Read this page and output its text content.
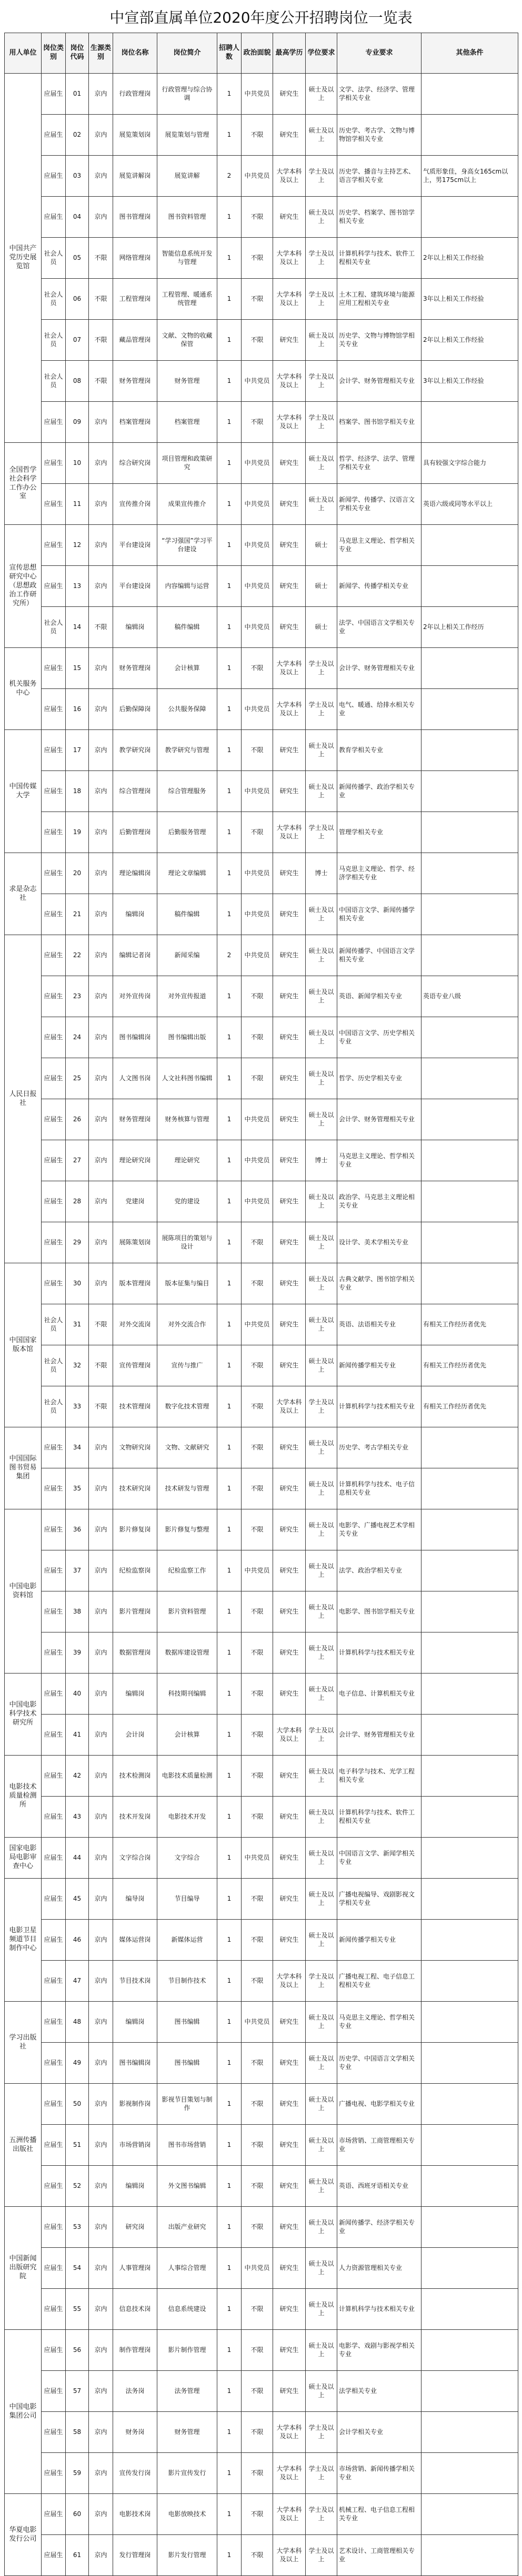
中宣部直属单位2020年度公开招聘岗位一览表
用人单位	岗位类别	岗位代码	生源类别	岗位名称	岗位简介	招聘人数	政治面貌	最高学历	学位要求	专业要求	其他条件
中国共产党历史展览馆	应届生	01	京内	行政管理岗	行政管理与综合协调	1	中共党员	研究生	硕士及以上	文学、法学、经济学、管理学相关专业	
	应届生	02	京内	展览策划岗	展览策划与管理	1	不限	研究生	硕士及以上	历史学、考古学、文物与博物馆学相关专业	
	应届生	03	京内	展览讲解岗	展览讲解	2	中共党员	大学本科及以上	学士及以上	历史学、播音与主持艺术、语言学相关专业	气质形象佳，身高女165cm以上，男175cm以上
	应届生	04	京内	图书管理岗	图书资料管理	1	不限	研究生	硕士及以上	历史学、档案学、图书馆学相关专业	
	社会人员	05	不限	网络管理岗	智能信息系统开发与管理	1	不限	大学本科及以上	学士及以上	计算机科学与技术、软件工程相关专业	2年以上相关工作经验
	社会人员	06	不限	工程管理岗	工程管理、暖通系统管理	1	不限	大学本科及以上	学士及以上	土木工程、建筑环境与能源应用工程相关专业	3年以上相关工作经验
	社会人员	07	不限	藏品管理岗	文献、文物的收藏保管	1	不限	研究生	硕士及以上	历史学、文物与博物馆学相关专业	2年以上相关工作经验
	社会人员	08	不限	财务管理岗	财务管理	1	中共党员	大学本科及以上	学士及以上	会计学、财务管理相关专业	3年以上相关工作经验
	应届生	09	京内	档案管理岗	档案管理	1	不限	大学本科及以上	学士及以上	档案学、图书馆学相关专业	
全国哲学社会科学工作办公室	应届生	10	京内	综合研究岗	项目管理和政策研究	1	中共党员	研究生	硕士及以上	哲学、经济学、法学、管理学相关专业	具有较强文字综合能力
	应届生	11	京内	宣传推介岗	成果宣传推介	1	中共党员	研究生	硕士及以上	新闻学、传播学、汉语言文学相关专业	英语六级或同等水平以上
宣传思想研究中心（思想政治工作研究所）	应届生	12	京内	平台建设岗	“学习强国”学习平台建设	1	中共党员	研究生	硕士	马克思主义理论、哲学相关专业	
	应届生	13	京内	平台建设岗	内容编辑与运营	1	中共党员	研究生	硕士	新闻学、传播学相关专业	
	社会人员	14	不限	编辑岗	稿件编辑	1	中共党员	研究生	硕士	法学、中国语言文学相关专业	2年以上相关工作经历
机关服务中心	应届生	15	京内	财务管理岗	会计核算	1	不限	大学本科及以上	学士及以上	会计学、财务管理相关专业	
	应届生	16	京内	后勤保障岗	公共服务保障	1	中共党员	大学本科及以上	学士及以上	电气、暖通、给排水相关专业	
中国传媒大学	应届生	17	京内	教学研究岗	教学研究与管理	1	不限	研究生	硕士及以上	教育学相关专业	
	应届生	18	京内	综合管理岗	综合管理服务	1	中共党员	研究生	硕士及以上	新闻传播学、政治学相关专业	
	应届生	19	京内	后勤管理岗	后勤服务管理	1	不限	大学本科及以上	学士及以上	管理学相关专业	
求是杂志社	应届生	20	京内	理论编辑岗	理论文章编辑	1	中共党员	研究生	博士	马克思主义理论、哲学、经济学相关专业	
	应届生	21	京内	编辑岗	稿件编辑	1	中共党员	研究生	硕士及以上	中国语言文学、新闻传播学相关专业	
人民日报社	应届生	22	京内	编辑记者岗	新闻采编	2	中共党员	研究生	硕士及以上	新闻传播学、中国语言文学相关专业	
	应届生	23	京内	对外宣传岗	对外宣传报道	1	不限	研究生	硕士及以上	英语、新闻学相关专业	英语专业八级
	应届生	24	京内	图书编辑岗	图书编辑出版	1	不限	研究生	硕士及以上	中国语言文学、历史学相关专业	
	应届生	25	京内	人文图书岗	人文社科图书编辑	1	不限	研究生	硕士及以上	哲学、历史学相关专业	
	应届生	26	京内	财务管理岗	财务核算与管理	1	中共党员	研究生	硕士及以上	会计学、财务管理相关专业	
	应届生	27	京内	理论研究岗	理论研究	1	中共党员	研究生	博士	马克思主义理论、哲学相关专业	
	应届生	28	京内	党建岗	党的建设	1	中共党员	研究生	硕士及以上	政治学、马克思主义理论相关专业	
	应届生	29	京内	展陈策划岗	展陈项目的策划与设计	1	不限	研究生	硕士及以上	设计学、美术学相关专业	
中国国家版本馆	应届生	30	京内	版本管理岗	版本征集与编目	1	不限	研究生	硕士及以上	古典文献学、图书馆学相关专业	
	社会人员	31	不限	对外交流岗	对外交流合作	1	中共党员	研究生	硕士及以上	英语、法语相关专业	有相关工作经历者优先
	社会人员	32	不限	宣传管理岗	宣传与推广	1	不限	研究生	硕士及以上	新闻传播学相关专业	有相关工作经历者优先
	社会人员	33	不限	技术管理岗	数字化技术管理	1	不限	大学本科及以上	学士及以上	计算机科学与技术相关专业	有相关工作经历者优先
中国国际图书贸易集团	应届生	34	京内	文物研究岗	文物、文献研究	1	不限	研究生	硕士及以上	历史学、考古学相关专业	
	应届生	35	京内	技术研究岗	技术研发与管理	1	不限	研究生	硕士及以上	计算机科学与技术、电子信息相关专业	
中国电影资料馆	应届生	36	京内	影片修复岗	影片修复与整理	1	不限	研究生	硕士及以上	电影学、广播电视艺术学相关专业	
	应届生	37	京内	纪检监察岗	纪检监察工作	1	中共党员	研究生	硕士及以上	法学、政治学相关专业	
	应届生	38	京内	影片管理岗	影片资料管理	1	不限	研究生	硕士及以上	电影学、图书馆学相关专业	
	应届生	39	京内	数据管理岗	数据库建设管理	1	不限	研究生	硕士及以上	计算机科学与技术相关专业	
中国电影科学技术研究所	应届生	40	京内	编辑岗	科技期刊编辑	1	不限	研究生	硕士及以上	电子信息、计算机相关专业	
	应届生	41	京内	会计岗	会计核算	1	不限	大学本科及以上	学士及以上	会计学、财务管理相关专业	
电影技术质量检测所	应届生	42	京内	技术检测岗	电影技术质量检测	1	不限	研究生	硕士及以上	电子科学与技术、光学工程相关专业	
	应届生	43	京内	技术开发岗	电影技术开发	1	不限	研究生	硕士及以上	计算机科学与技术、软件工程相关专业	
国家电影局电影审查中心	应届生	44	京内	文字综合岗	文字综合	1	中共党员	研究生	硕士及以上	中国语言文学、新闻学相关专业	
电影卫星频道节目制作中心	应届生	45	京内	编导岗	节目编导	1	不限	研究生	硕士及以上	广播电视编导、戏剧影视文学相关专业	
	应届生	46	京内	媒体运营岗	新媒体运营	1	不限	研究生	硕士及以上	新闻传播学相关专业	
	应届生	47	京内	节目技术岗	节目制作技术	1	不限	大学本科及以上	学士及以上	广播电视工程、电子信息工程相关专业	
学习出版社	应届生	48	京内	编辑岗	图书编辑	1	中共党员	研究生	硕士及以上	马克思主义理论、哲学相关专业	
	应届生	49	京内	图书编辑岗	图书编辑	1	不限	研究生	硕士及以上	历史学、中国语言文学相关专业	
五洲传播出版社	应届生	50	京内	影视制作岗	影视节目策划与制作	1	不限	研究生	硕士及以上	广播电视、电影学相关专业	
	应届生	51	京内	市场营销岗	图书市场营销	1	不限	研究生	硕士及以上	市场营销、工商管理相关专业	
	应届生	52	京内	编辑岗	外文图书编辑	1	不限	研究生	硕士及以上	英语、西班牙语相关专业	
中国新闻出版研究院	应届生	53	京内	研究岗	出版产业研究	1	不限	研究生	硕士及以上	新闻传播学、经济学相关专业	
	应届生	54	京内	人事管理岗	人事综合管理	1	中共党员	研究生	硕士及以上	人力资源管理相关专业	
	应届生	55	京内	信息技术岗	信息系统建设	1	不限	研究生	硕士及以上	计算机科学与技术相关专业	
中国电影集团公司	应届生	56	京内	制作管理岗	影片制作管理	1	不限	研究生	硕士及以上	电影学、戏剧与影视学相关专业	
	应届生	57	京内	法务岗	法务管理	1	不限	研究生	硕士及以上	法学相关专业	
	应届生	58	京内	财务岗	财务管理	1	不限	大学本科及以上	学士及以上	会计学相关专业	
	应届生	59	京内	宣传发行岗	影片宣传发行	1	不限	大学本科及以上	学士及以上	市场营销、新闻传播学相关专业	
华夏电影发行公司	应届生	60	京内	电影技术岗	电影放映技术	1	不限	大学本科及以上	学士及以上	机械工程、电子信息工程相关专业	
	应届生	61	京内	发行管理岗	影片发行管理	1	不限	大学本科及以上	学士及以上	艺术设计、工商管理相关专业	
